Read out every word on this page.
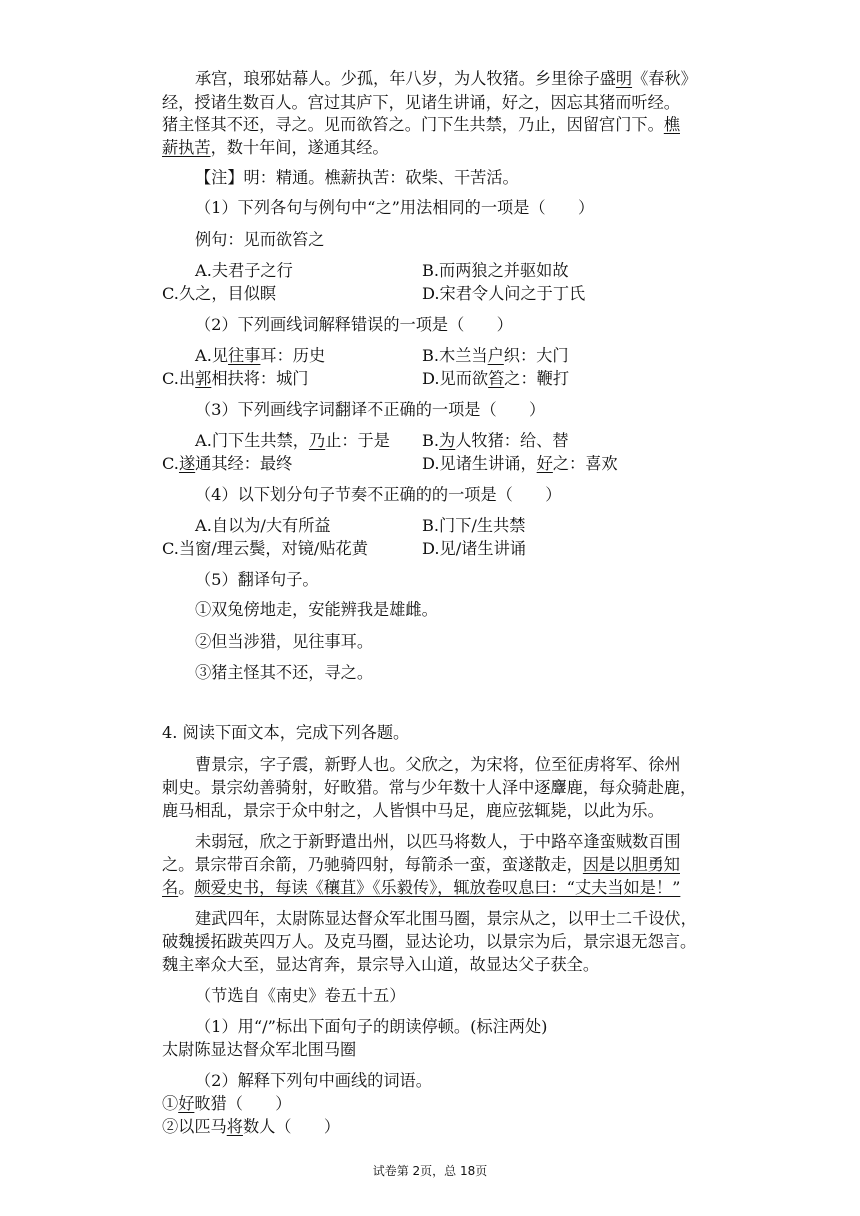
承宫，琅邪姑幕人。少孤，年八岁，为人牧猪。乡里徐子盛明《春秋》
经，授诸生数百人。宫过其庐下，见诸生讲诵，好之，因忘其猪而听经。
猪主怪其不还，寻之。见而欲笞之。门下生共禁，乃止，因留宫门下。樵
薪执苦，数十年间，遂通其经。
【注】明：精通。樵薪执苦：砍柴、干苦活。
（1）下列各句与例句中“之”用法相同的一项是（　　）
例句：见而欲笞之
A.夫君子之行	B.而两狼之并驱如故
C.久之，目似瞑	D.宋君令人问之于丁氏
（2）下列画线词解释错误的一项是（　　）
A.见往事耳：历史	B.木兰当户织：大门
C.出郭相扶将：城门	D.见而欲笞之：鞭打
（3）下列画线字词翻译不正确的一项是（　　）
A.门下生共禁，乃止：于是 B.为人牧猪：给、替
C.遂通其经：最终	D.见诸生讲诵，好之：喜欢
（4）以下划分句子节奏不正确的的一项是（　　）
A.自以为/大有所益	B.门下/生共禁
C.当窗/理云鬓，对镜/贴花黄	D.见/诸生讲诵
（5）翻译句子。
①双兔傍地走，安能辨我是雄雌。
②但当涉猎，见往事耳。
③猪主怪其不还，寻之。
4. 阅读下面文本，完成下列各题。
曹景宗，字子震，新野人也。父欣之，为宋将，位至征虏将军、徐州
刺史。景宗幼善骑射，好畋猎。常与少年数十人泽中逐麞鹿，每众骑赴鹿，
鹿马相乱，景宗于众中射之，人皆惧中马足，鹿应弦辄毙，以此为乐。
未弱冠，欣之于新野遣出州，以匹马将数人，于中路卒逢蛮贼数百围
之。景宗带百余箭，乃驰骑四射，每箭杀一蛮，蛮遂散走，因是以胆勇知
名。颇爱史书，每读《穰苴》《乐毅传》，辄放卷叹息曰：“丈夫当如是！”
建武四年，太尉陈显达督众军北围马圈，景宗从之，以甲士二千设伏，
破魏援拓跋英四万人。及克马圈，显达论功，以景宗为后，景宗退无怨言。
魏主率众大至，显达宵奔，景宗导入山道，故显达父子获全。
（节选自《南史》卷五十五）
（1）用“/”标出下面句子的朗读停顿。(标注两处)
太尉陈显达督众军北围马圈
（2）解释下列句中画线的词语。
①好畋猎（　　）
②以匹马将数人（　　）
试卷第 2页，总 18页
